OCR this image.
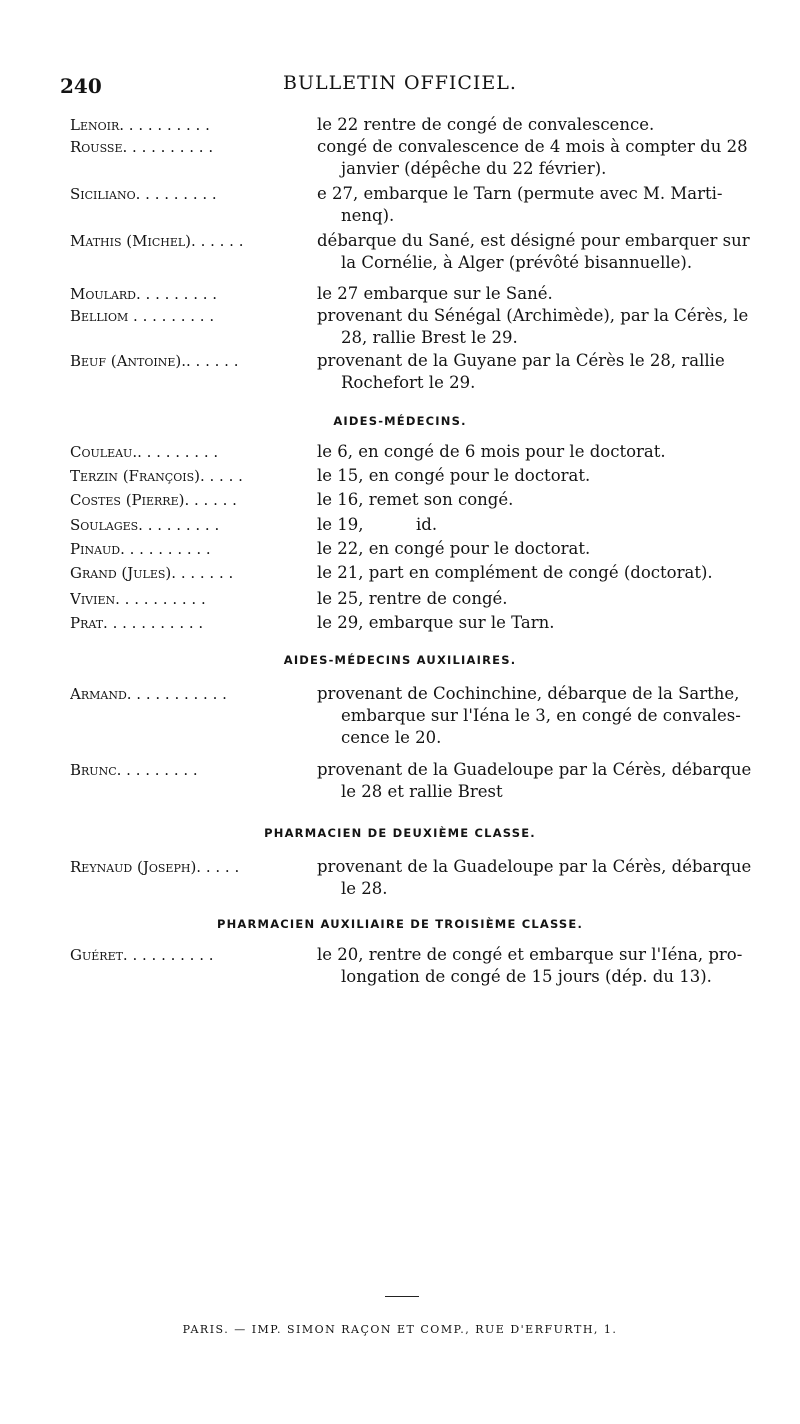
240	BULLETIN OFFICIEL.
Lenoir. . . . . . . . . .	le 22 rentre de congé de convalescence.
Rousse. . . . . . . . . .	congé de convalescence de 4 mois à compter du 28
janvier (dépêche du 22 février).
Siciliano. . . . . . . . .	e 27, embarque le Tarn (permute avec M. Marti-
nenq).
Mathis (Michel). . . . . .	débarque du Sané, est désigné pour embarquer sur
la Cornélie, à Alger (prévôté bisannuelle).
Moulard. . . . . . . . .	le 27 embarque sur le Sané.
Belliom . . . . . . . . .	provenant du Sénégal (Archimède), par la Cérès, le
28, rallie Brest le 29.
Beuf (Antoine).. . . . . .	provenant de la Guyane par la Cérès le 28, rallie
Rochefort le 29.
AIDES-MÉDECINS.
Couleau.. . . . . . . . .	le 6, en congé de 6 mois pour le doctorat.
Terzin (François). . . . .	le 15, en congé pour le doctorat.
Costes (Pierre). . . . . .	le 16, remet son congé.
Soulages. . . . . . . . .	le 19,          id.
Pinaud. . . . . . . . . .	le 22, en congé pour le doctorat.
Grand (Jules). . . . . . .	le 21, part en complément de congé (doctorat).
Vivien. . . . . . . . . .	le 25, rentre de congé.
Prat. . . . . . . . . . .	le 29, embarque sur le Tarn.
AIDES-MÉDECINS AUXILIAIRES.
Armand. . . . . . . . . . .	provenant de Cochinchine, débarque de la Sarthe,
embarque sur l'Iéna le 3, en congé de convales-
cence le 20.
Brunc. . . . . . . . .	provenant de la Guadeloupe par la Cérès, débarque
le 28 et rallie Brest
PHARMACIEN DE DEUXIÈME CLASSE.
Reynaud (Joseph). . . . .	provenant de la Guadeloupe par la Cérès, débarque
le 28.
PHARMACIEN AUXILIAIRE DE TROISIÈME CLASSE.
Guéret. . . . . . . . . .	le 20, rentre de congé et embarque sur l'Iéna, pro-
longation de congé de 15 jours (dép. du 13).
PARIS. — IMP. SIMON RAÇON ET COMP., RUE D'ERFURTH, 1.
